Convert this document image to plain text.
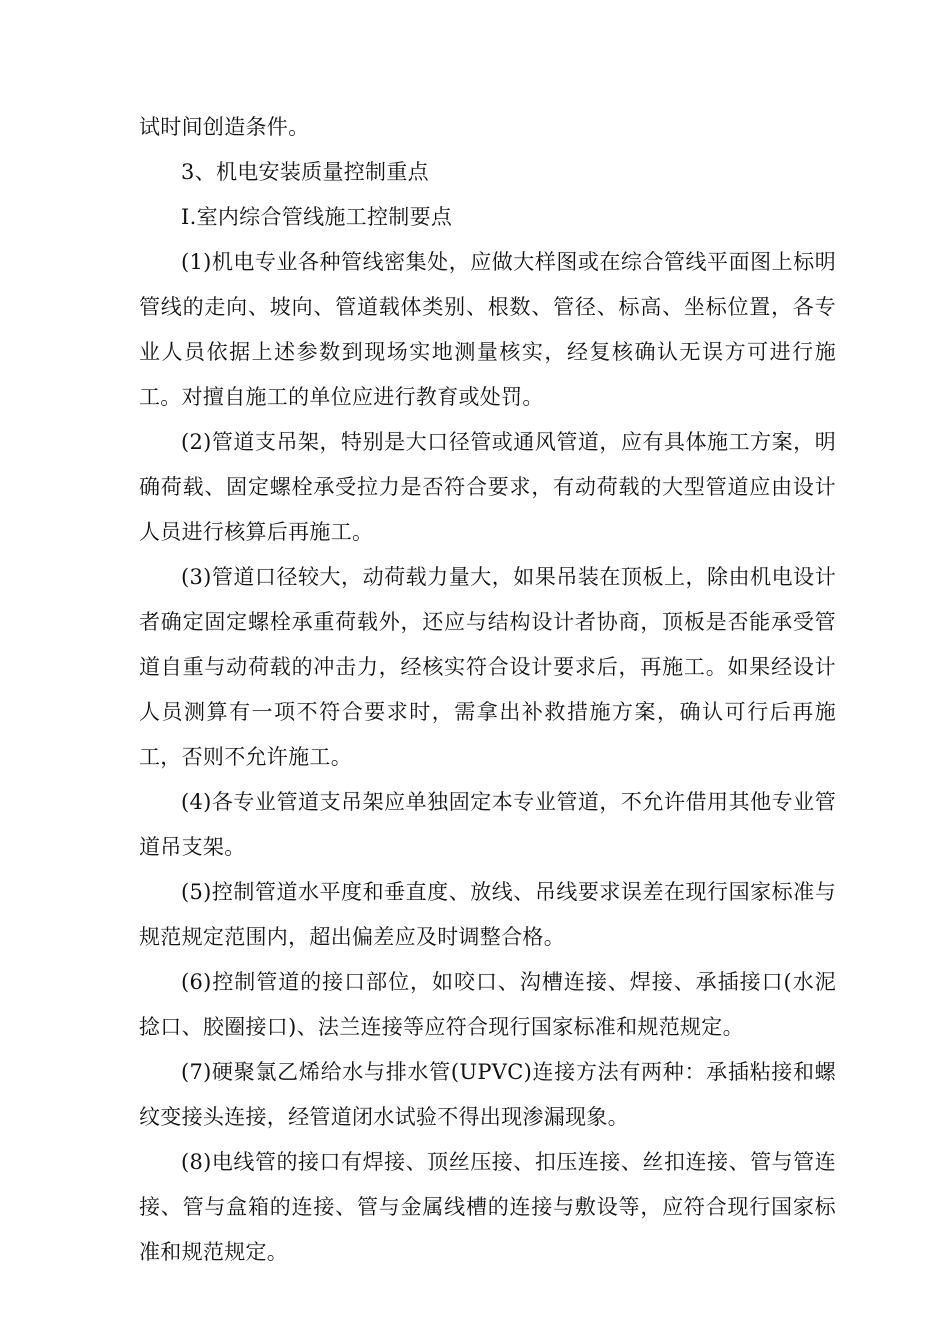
试时间创造条件。

3、机电安装质量控制重点

I.室内综合管线施工控制要点

(1)机电专业各种管线密集处，应做大样图或在综合管线平面图上标明管线的走向、坡向、管道载体类别、根数、管径、标高、坐标位置，各专业人员依据上述参数到现场实地测量核实，经复核确认无误方可进行施工。对擅自施工的单位应进行教育或处罚。

(2)管道支吊架，特别是大口径管或通风管道，应有具体施工方案，明确荷载、固定螺栓承受拉力是否符合要求，有动荷载的大型管道应由设计人员进行核算后再施工。

(3)管道口径较大，动荷载力量大，如果吊装在顶板上，除由机电设计者确定固定螺栓承重荷载外，还应与结构设计者协商，顶板是否能承受管道自重与动荷载的冲击力，经核实符合设计要求后，再施工。如果经设计人员测算有一项不符合要求时，需拿出补救措施方案，确认可行后再施工，否则不允许施工。

(4)各专业管道支吊架应单独固定本专业管道，不允许借用其他专业管道吊支架。

(5)控制管道水平度和垂直度、放线、吊线要求误差在现行国家标准与规范规定范围内，超出偏差应及时调整合格。

(6)控制管道的接口部位，如咬口、沟槽连接、焊接、承插接口(水泥捻口、胶圈接口)、法兰连接等应符合现行国家标准和规范规定。

(7)硬聚氯乙烯给水与排水管(UPVC)连接方法有两种：承插粘接和螺纹变接头连接，经管道闭水试验不得出现渗漏现象。

(8)电线管的接口有焊接、顶丝压接、扣压连接、丝扣连接、管与管连接、管与盒箱的连接、管与金属线槽的连接与敷设等，应符合现行国家标准和规范规定。
